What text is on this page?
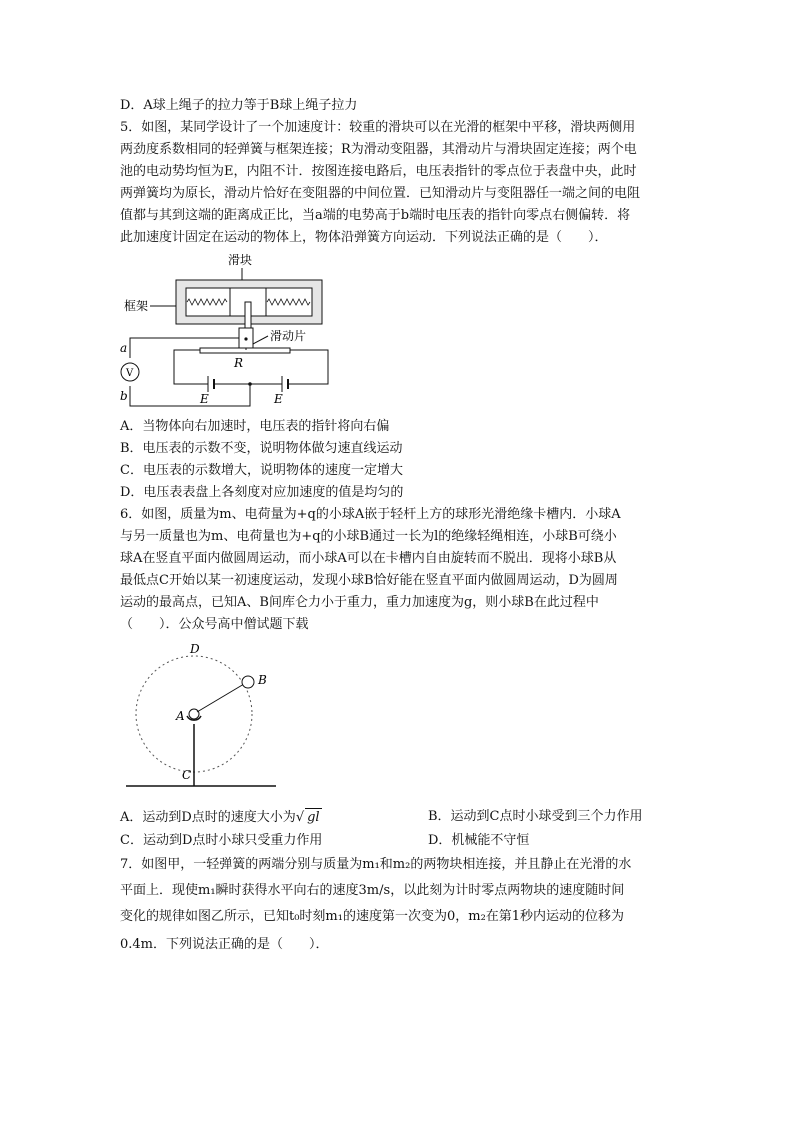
D．A球上绳子的拉力等于B球上绳子拉力
5．如图，某同学设计了一个加速度计：较重的滑块可以在光滑的框架中平移，滑块两侧用
两劲度系数相同的轻弹簧与框架连接；R为滑动变阻器，其滑动片与滑块固定连接；两个电
池的电动势均恒为E，内阻不计．按图连接电路后，电压表指针的零点位于表盘中央，此时
两弹簧均为原长，滑动片恰好在变阻器的中间位置．已知滑动片与变阻器任一端之间的电阻
值都与其到这端的距离成正比，当a端的电势高于b端时电压表的指针向零点右侧偏转．将
此加速度计固定在运动的物体上，物体沿弹簧方向运动．下列说法正确的是（　　）．
滑块
框架
滑动片
R
V
a
b	E	E
A．当物体向右加速时，电压表的指针将向右偏
B．电压表的示数不变，说明物体做匀速直线运动
C．电压表的示数增大，说明物体的速度一定增大
D．电压表表盘上各刻度对应加速度的值是均匀的
6．如图，质量为m、电荷量为+q的小球A嵌于轻杆上方的球形光滑绝缘卡槽内．小球A
与另一质量也为m、电荷量也为+q的小球B通过一长为l的绝缘轻绳相连，小球B可绕小
球A在竖直平面内做圆周运动，而小球A可以在卡槽内自由旋转而不脱出．现将小球B从
最低点C开始以某一初速度运动，发现小球B恰好能在竖直平面内做圆周运动，D为圆周
运动的最高点，已知A、B间库仑力小于重力，重力加速度为g，则小球B在此过程中
（　　）．公众号高中僧试题下载
D
B
A
C
A．运动到D点时的速度大小为√ gl	B．运动到C点时小球受到三个力作用
C．运动到D点时小球只受重力作用	D．机械能不守恒
7．如图甲，一轻弹簧的两端分别与质量为m₁和m₂的两物块相连接，并且静止在光滑的水
平面上．现使m₁瞬时获得水平向右的速度3m/s，以此刻为计时零点两物块的速度随时间
变化的规律如图乙所示，已知t₀时刻m₁的速度第一次变为0，m₂在第1秒内运动的位移为
0.4m．下列说法正确的是（　　）．
